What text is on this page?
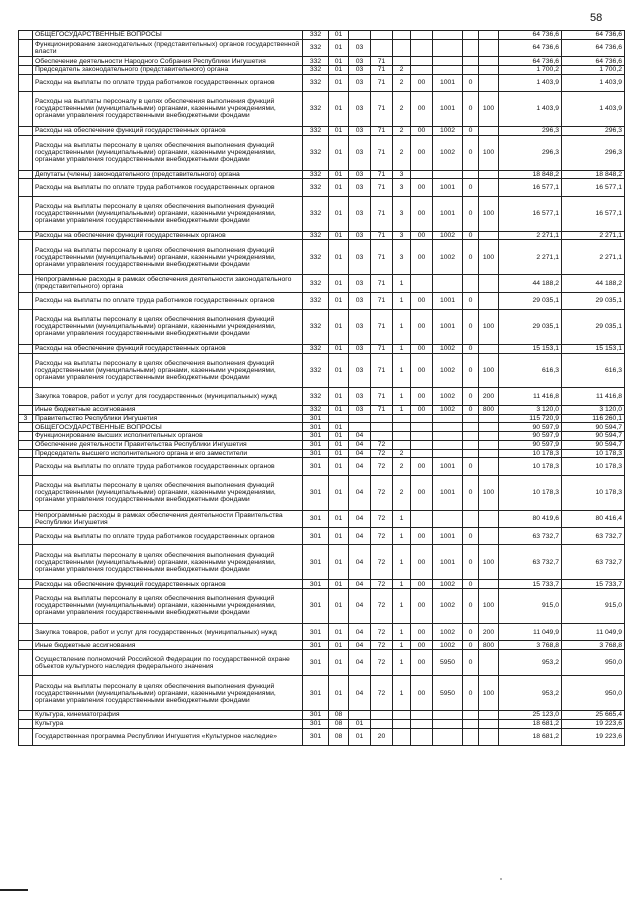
58
	ОБЩЕГОСУДАРСТВЕННЫЕ ВОПРОСЫ	332	01								64 736,6	64 736,6
	Функционирование законодательных (представительных) органов государственной власти	332	01	03							64 736,6	64 736,6
	Обеспечение деятельности Народного Собрания Республики Ингушетия	332	01	03	71						64 736,6	64 736,6
	Председатель законодательного (представительного) органа	332	01	03	71	2					1 700,2	1 700,2
	Расходы на выплаты по оплате труда работников государственных органов	332	01	03	71	2	00	1001	0		1 403,9	1 403,9
	Расходы на выплаты персоналу в целях обеспечения выполнения функций государственными (муниципальными) органами, казенными учреждениями, органами управления государственными внебюджетными фондами	332	01	03	71	2	00	1001	0	100	1 403,9	1 403,9
	Расходы на обеспечение функций государственных органов	332	01	03	71	2	00	1002	0		296,3	296,3
	Расходы на выплаты персоналу в целях обеспечения выполнения функций государственными (муниципальными) органами, казенными учреждениями, органами управления государственными внебюджетными фондами	332	01	03	71	2	00	1002	0	100	296,3	296,3
	Депутаты (члены) законодательного (представительного) органа	332	01	03	71	3					18 848,2	18 848,2
	Расходы на выплаты по оплате труда работников государственных органов	332	01	03	71	3	00	1001	0		16 577,1	16 577,1
	Расходы на выплаты персоналу в целях обеспечения выполнения функций государственными (муниципальными) органами, казенными учреждениями, органами управления государственными внебюджетными фондами	332	01	03	71	3	00	1001	0	100	16 577,1	16 577,1
	Расходы на обеспечение функций государственных органов	332	01	03	71	3	00	1002	0		2 271,1	2 271,1
	Расходы на выплаты персоналу в целях обеспечения выполнения функций государственными (муниципальными) органами, казенными учреждениями, органами управления государственными внебюджетными фондами	332	01	03	71	3	00	1002	0	100	2 271,1	2 271,1
	Непрограммные расходы в рамках обеспечения деятельности законодательного (представительного) органа	332	01	03	71	1					44 188,2	44 188,2
	Расходы на выплаты по оплате труда работников государственных органов	332	01	03	71	1	00	1001	0		29 035,1	29 035,1
	Расходы на выплаты персоналу в целях обеспечения выполнения функций государственными (муниципальными) органами, казенными учреждениями, органами управления государственными внебюджетными фондами	332	01	03	71	1	00	1001	0	100	29 035,1	29 035,1
	Расходы на обеспечение функций государственных органов	332	01	03	71	1	00	1002	0		15 153,1	15 153,1
	Расходы на выплаты персоналу в целях обеспечения выполнения функций государственными (муниципальными) органами, казенными учреждениями, органами управления государственными внебюджетными фондами	332	01	03	71	1	00	1002	0	100	616,3	616,3
	Закупка товаров, работ и услуг для государственных (муниципальных) нужд	332	01	03	71	1	00	1002	0	200	11 416,8	11 416,8
	Иные бюджетные ассигнования	332	01	03	71	1	00	1002	0	800	3 120,0	3 120,0
3	Правительство Республики Ингушетия	301									115 720,9	116 260,1
	ОБЩЕГОСУДАРСТВЕННЫЕ ВОПРОСЫ	301	01								90 597,9	90 594,7
	Функционирование высших исполнительных органов	301	01	04							90 597,9	90 594,7
	Обеспечение деятельности Правительства Республики Ингушетия	301	01	04	72						90 597,9	90 594,7
	Председатель высшего исполнительного органа и его заместители	301	01	04	72	2					10 178,3	10 178,3
	Расходы на выплаты по оплате труда работников государственных органов	301	01	04	72	2	00	1001	0		10 178,3	10 178,3
	Расходы на выплаты персоналу в целях обеспечения выполнения функций государственными (муниципальными) органами, казенными учреждениями, органами управления государственными внебюджетными фондами	301	01	04	72	2	00	1001	0	100	10 178,3	10 178,3
	Непрограммные расходы в рамках обеспечения деятельности Правительства Республики Ингушетия	301	01	04	72	1					80 419,6	80 416,4
	Расходы на выплаты по оплате труда работников государственных органов	301	01	04	72	1	00	1001	0		63 732,7	63 732,7
	Расходы на выплаты персоналу в целях обеспечения выполнения функций государственными (муниципальными) органами, казенными учреждениями, органами управления государственными внебюджетными фондами	301	01	04	72	1	00	1001	0	100	63 732,7	63 732,7
	Расходы на обеспечение функций государственных органов	301	01	04	72	1	00	1002	0		15 733,7	15 733,7
	Расходы на выплаты персоналу в целях обеспечения выполнения функций государственными (муниципальными) органами, казенными учреждениями, органами управления государственными внебюджетными фондами	301	01	04	72	1	00	1002	0	100	915,0	915,0
	Закупка товаров, работ и услуг для государственных (муниципальных) нужд	301	01	04	72	1	00	1002	0	200	11 049,9	11 049,9
	Иные бюджетные ассигнования	301	01	04	72	1	00	1002	0	800	3 768,8	3 768,8
	Осуществление полномочий Российской Федерации по государственной охране объектов культурного наследия федерального значения	301	01	04	72	1	00	5950	0		953,2	950,0
	Расходы на выплаты персоналу в целях обеспечения выполнения функций государственными (муниципальными) органами, казенными учреждениями, органами управления государственными внебюджетными фондами	301	01	04	72	1	00	5950	0	100	953,2	950,0
	Культура, кинематография	301	08								25 123,0	25 665,4
	Культура	301	08	01							18 681,2	19 223,6
	Государственная программа Республики Ингушетия «Культурное наследие»	301	08	01	20						18 681,2	19 223,6
